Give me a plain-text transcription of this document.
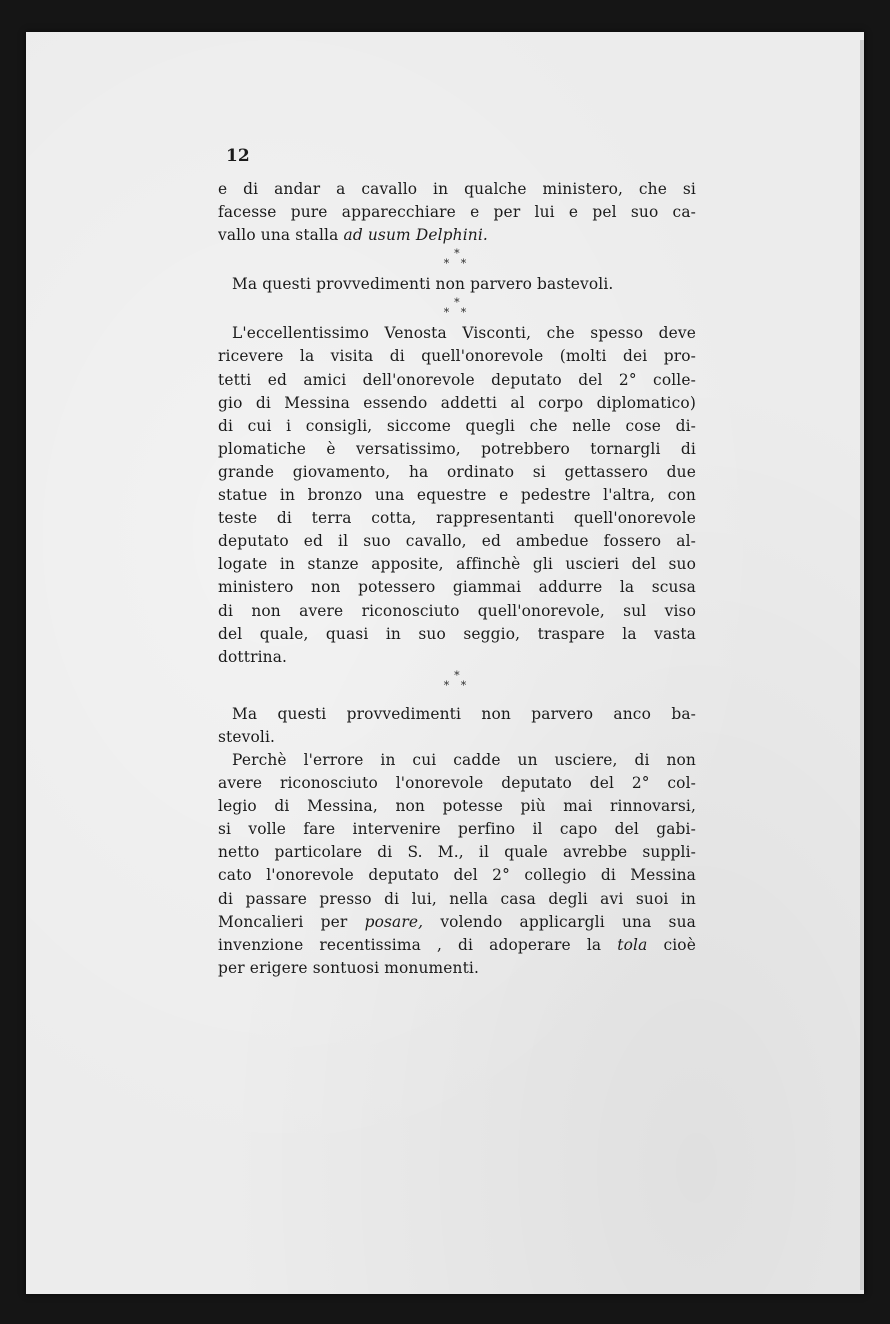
12
e di andar a cavallo in qualche ministero, che si
facesse pure apparecchiare e per lui e pel suo ca-
vallo una stalla ad usum Delphini.
*
* *
Ma questi provvedimenti non parvero bastevoli.
*
* *
L'eccellentissimo Venosta Visconti, che spesso deve
ricevere la visita di quell'onorevole (molti dei pro-
tetti ed amici dell'onorevole deputato del 2° colle-
gio di Messina essendo addetti al corpo diplomatico)
di cui i consigli, siccome quegli che nelle cose di-
plomatiche è versatissimo, potrebbero tornargli di
grande giovamento, ha ordinato si gettassero due
statue in bronzo una equestre e pedestre l'altra, con
teste di terra cotta, rappresentanti quell'onorevole
deputato ed il suo cavallo, ed ambedue fossero al-
logate in stanze apposite, affinchè gli uscieri del suo
ministero non potessero giammai addurre la scusa
di non avere riconosciuto quell'onorevole, sul viso
del quale, quasi in suo seggio, traspare la vasta
dottrina.
*
* *
Ma questi provvedimenti non parvero anco ba-
stevoli.
Perchè l'errore in cui cadde un usciere, di non
avere riconosciuto l'onorevole deputato del 2° col-
legio di Messina, non potesse più mai rinnovarsi,
si volle fare intervenire perfino il capo del gabi-
netto particolare di S. M., il quale avrebbe suppli-
cato l'onorevole deputato del 2° collegio di Messina
di passare presso di lui, nella casa degli avi suoi in
Moncalieri per posare, volendo applicargli una sua
invenzione recentissima , di adoperare la tola cioè
per erigere sontuosi monumenti.
